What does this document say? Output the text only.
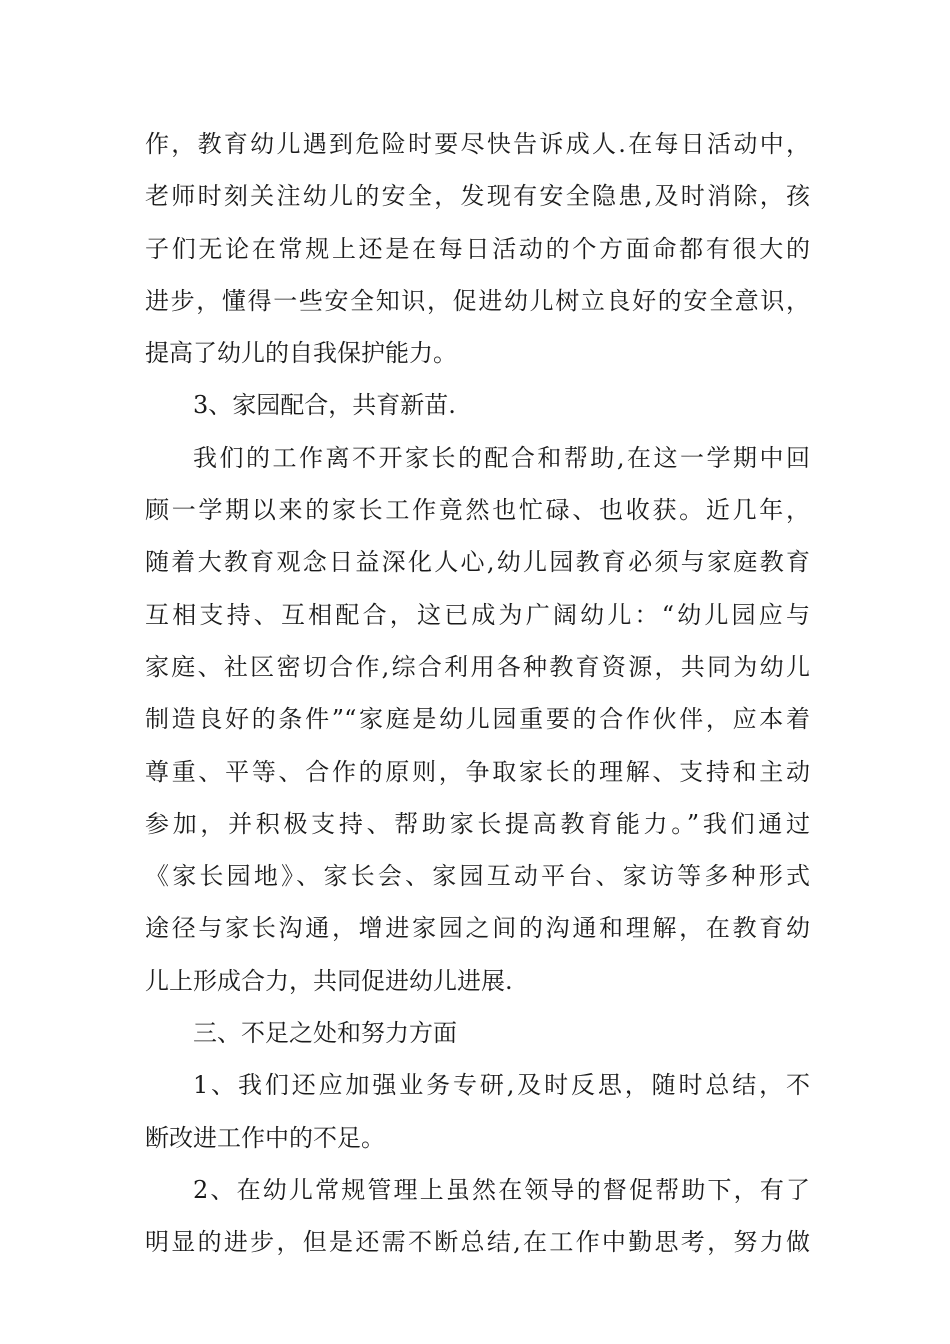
作，教育幼儿遇到危险时要尽快告诉成人.在每日活动中，
老师时刻关注幼儿的安全，发现有安全隐患,及时消除，孩
子们无论在常规上还是在每日活动的个方面命都有很大的
进步，懂得一些安全知识，促进幼儿树立良好的安全意识，
提高了幼儿的自我保护能力。
3、家园配合，共育新苗.
我们的工作离不开家长的配合和帮助,在这一学期中回
顾一学期以来的家长工作竟然也忙碌、也收获。近几年，
随着大教育观念日益深化人心,幼儿园教育必须与家庭教育
互相支持、互相配合，这已成为广阔幼儿：“幼儿园应与
家庭、社区密切合作,综合利用各种教育资源，共同为幼儿
制造良好的条件”“家庭是幼儿园重要的合作伙伴，应本着
尊重、平等、合作的原则，争取家长的理解、支持和主动
参加，并积极支持、帮助家长提高教育能力。”我们通过
《家长园地》、家长会、家园互动平台、家访等多种形式
途径与家长沟通，增进家园之间的沟通和理解，在教育幼
儿上形成合力，共同促进幼儿进展.
三、不足之处和努力方面
1、我们还应加强业务专研,及时反思，随时总结，不
断改进工作中的不足。
2、在幼儿常规管理上虽然在领导的督促帮助下，有了
明显的进步，但是还需不断总结,在工作中勤思考，努力做
